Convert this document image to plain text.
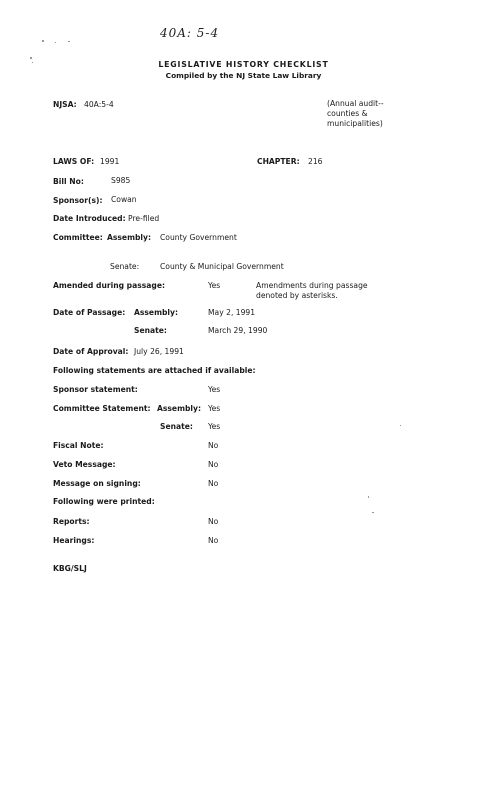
40A: 5-4
LEGISLATIVE HISTORY CHECKLIST
Compiled by the NJ State Law Library
NJSA: 40A:5-4	(Annual audit--
counties &
municipalities)
LAWS OF: 1991	CHAPTER: 216
Bill No:	S985
Sponsor(s): Cowan
Date Introduced: Pre-filed
Committee: Assembly: County Government
Senate:	County & Municipal Government
Amended during passage:	Yes	Amendments during passage
denoted by asterisks.
Date of Passage: Assembly:	May 2, 1991
Senate:	March 29, 1990
Date of Approval: July 26, 1991
Following statements are attached if available:
Sponsor statement:	Yes
Committee Statement: Assembly: Yes
Senate: Yes
Fiscal Note:	No
Veto Message:	No
Message on signing:	No
Following were printed:
Reports:	No
Hearings:	No
KBG/SLJ
